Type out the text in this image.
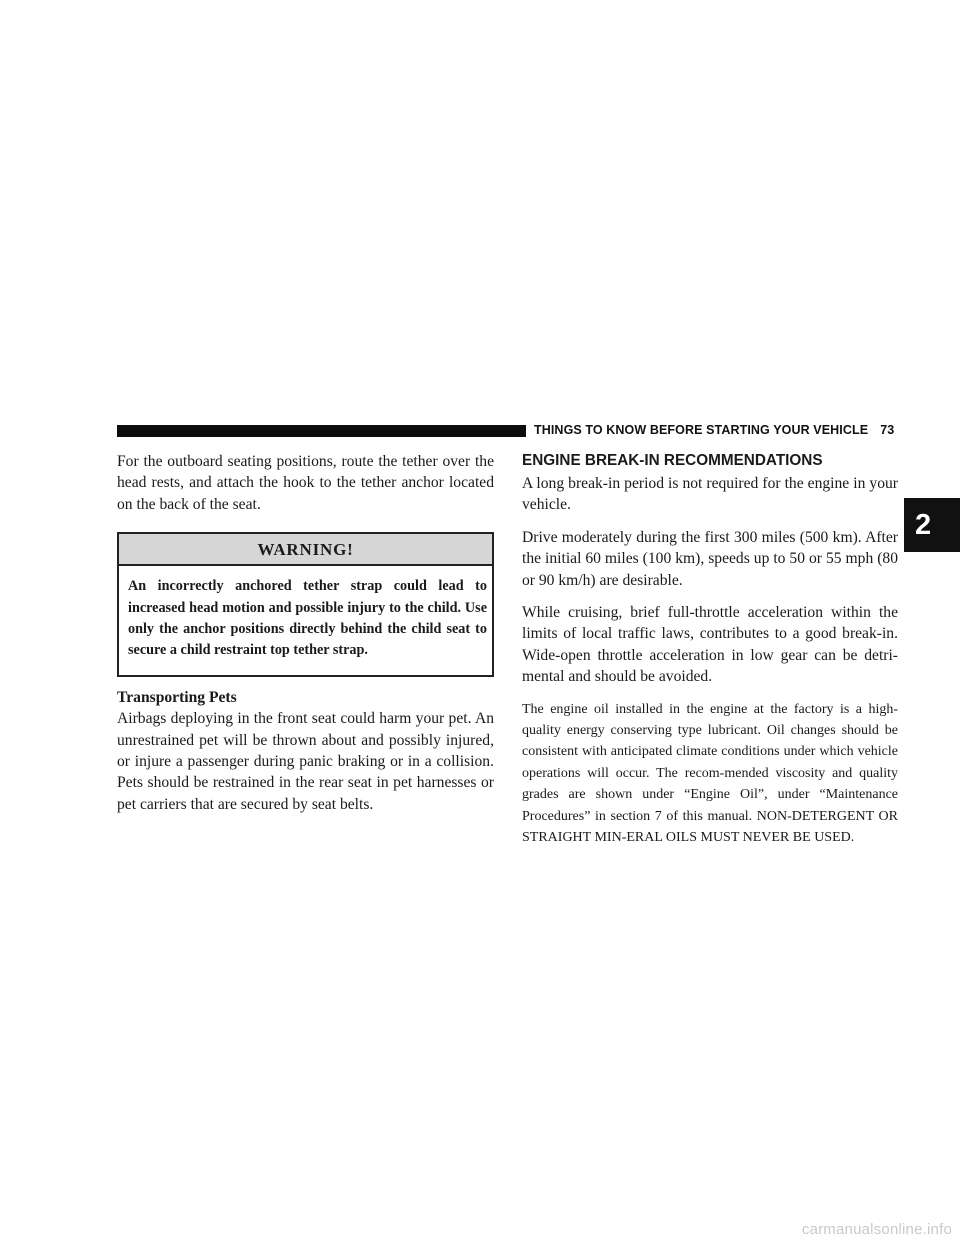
THINGS TO KNOW BEFORE STARTING YOUR VEHICLE 73
2

For the outboard seating positions, route the tether over the head rests, and attach the hook to the tether anchor located on the back of the seat.

WARNING!
An incorrectly anchored tether strap could lead to increased head motion and possible injury to the child. Use only the anchor positions directly behind the child seat to secure a child restraint top tether strap.
Transporting Pets

Airbags deploying in the front seat could harm your pet. An unrestrained pet will be thrown about and possibly injured, or injure a passenger during panic braking or in a collision. Pets should be restrained in the rear seat in pet harnesses or pet carriers that are secured by seat belts.

ENGINE BREAK-IN RECOMMENDATIONS

A long break-in period is not required for the engine in your vehicle.

Drive moderately during the first 300 miles (500 km). After the initial 60 miles (100 km), speeds up to 50 or 55 mph (80 or 90 km/h) are desirable.

While cruising, brief full-throttle acceleration within the limits of local traffic laws, contributes to a good break-in. Wide-open throttle acceleration in low gear can be detri-mental and should be avoided.

The engine oil installed in the engine at the factory is a high-quality energy conserving type lubricant. Oil changes should be consistent with anticipated climate conditions under which vehicle operations will occur. The recom-mended viscosity and quality grades are shown under “Engine Oil”, under “Maintenance Procedures” in section 7 of this manual. NON-DETERGENT OR STRAIGHT MIN-ERAL OILS MUST NEVER BE USED.

carmanualsonline.info
